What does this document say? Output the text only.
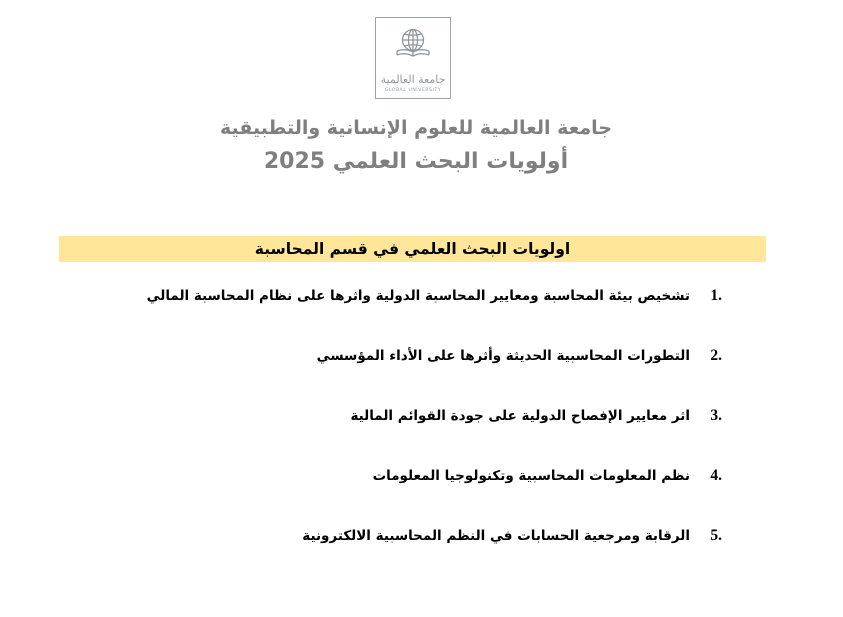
جامعة العالمية
GLOBAL UNIVERSITY
جامعة العالمية للعلوم الإنسانية والتطبيقية
أولويات البحث العلمي 2025
اولويات البحث العلمي في قسم المحاسبة
1.
تشخيص بيئة المحاسبة ومعايير المحاسبة الدولية واثرها على نظام المحاسبة المالي
2.
التطورات المحاسبية الحديثة وأثرها على الأداء المؤسسي
3.
اثر معايير الإفصاح الدولية على جودة القوائم المالية
4.
نظم المعلومات المحاسبية وتكنولوجيا المعلومات
5.
الرقابة ومرجعية الحسابات في النظم المحاسبية الالكترونية
